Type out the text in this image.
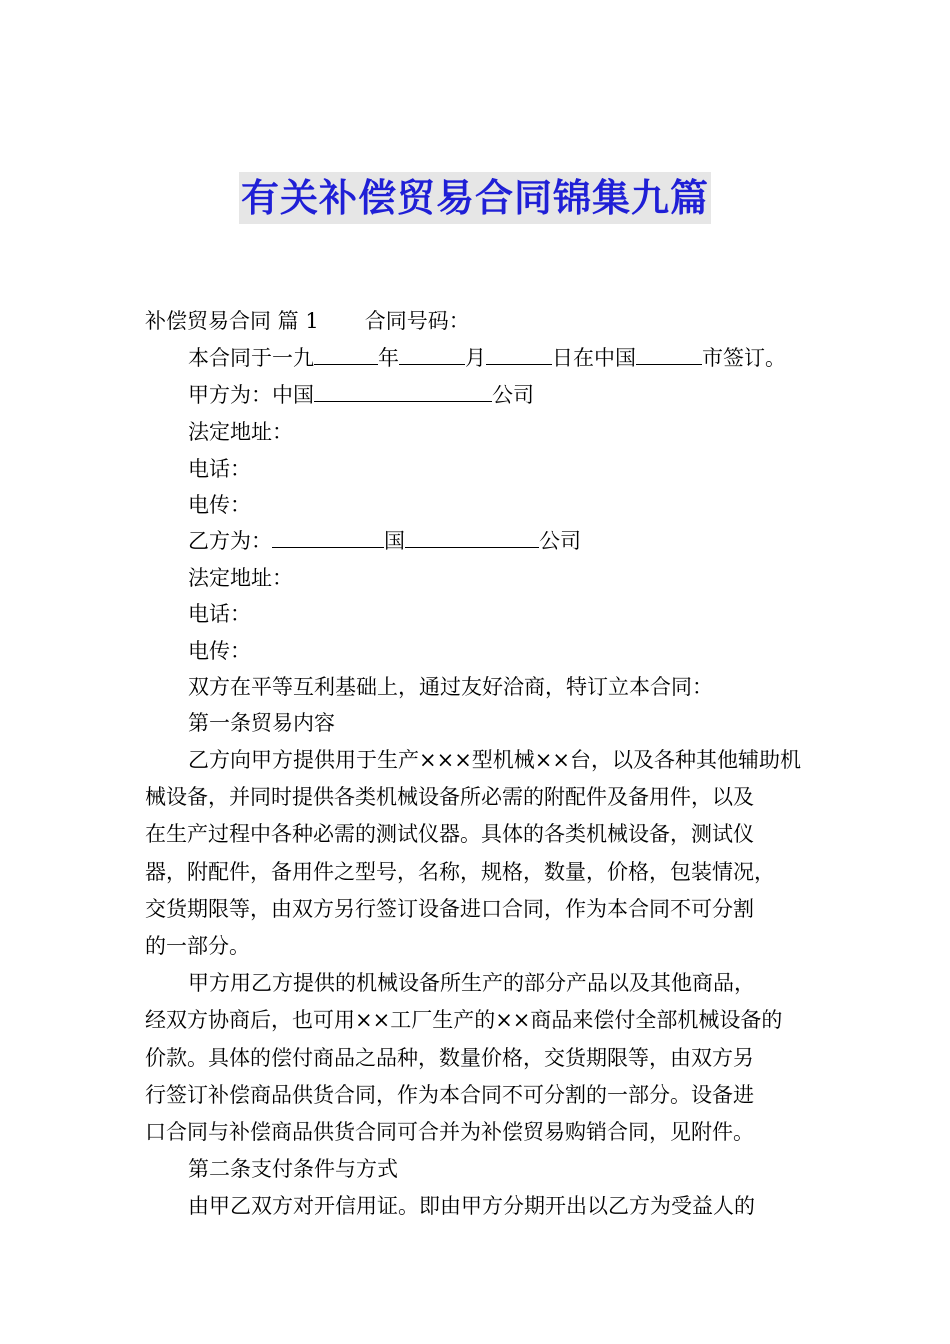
有关补偿贸易合同锦集九篇
补偿贸易合同 篇 1 合同号码：
本合同于一九	年	月	日在中国	市签订。
甲方为：中国	公司
法定地址：
电话：
电传：
乙方为：	国	公司
法定地址：
电话：
电传：
双方在平等互利基础上，通过友好洽商，特订立本合同：
第一条贸易内容
乙方向甲方提供用于生产×××型机械××台，以及各种其他辅助机
械设备，并同时提供各类机械设备所必需的附配件及备用件，以及
在生产过程中各种必需的测试仪器。具体的各类机械设备，测试仪
器，附配件，备用件之型号，名称，规格，数量，价格，包装情况，
交货期限等，由双方另行签订设备进口合同，作为本合同不可分割
的一部分。
甲方用乙方提供的机械设备所生产的部分产品以及其他商品，
经双方协商后，也可用××工厂生产的××商品来偿付全部机械设备的
价款。具体的偿付商品之品种，数量价格，交货期限等，由双方另
行签订补偿商品供货合同，作为本合同不可分割的一部分。设备进
口合同与补偿商品供货合同可合并为补偿贸易购销合同，见附件。
第二条支付条件与方式
由甲乙双方对开信用证。即由甲方分期开出以乙方为受益人的
